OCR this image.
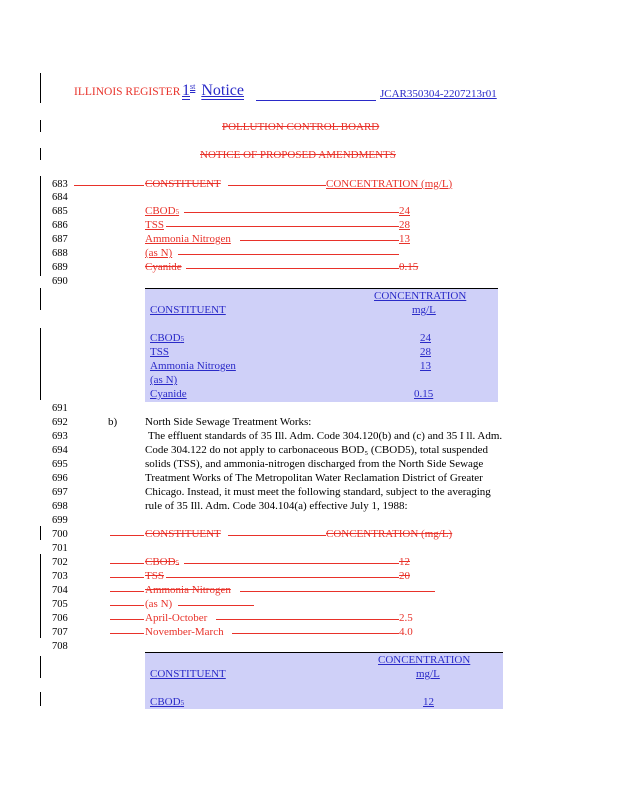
ILLINOIS REGISTER 1st Notice	JCAR350304-2207213r01
POLLUTION CONTROL BOARD
NOTICE OF PROPOSED AMENDMENTS
683
684
685
686
687
688
689
690
691
692
693
694
695
696
697
698
699
700
701
702
703
704
705
706
707
708
CONSTITUENT	CONCENTRATION (mg/L)
CBOD5	24
TSS	28
Ammonia Nitrogen	13
(as N)
Cyanide	0.15
CONCENTRATION
CONSTITUENT	mg/L
CBOD5	24
TSS	28
Ammonia Nitrogen	13
(as N)
Cyanide	0.15
b)	North Side Sewage Treatment Works:
The effluent standards of 35 Ill. Adm. Code 304.120(b) and (c) and 35 I ll. Adm.
Code 304.122 do not apply to carbonaceous BOD₅ (CBOD5), total suspended
solids (TSS), and ammonia-nitrogen discharged from the North Side Sewage
Treatment Works of The Metropolitan Water Reclamation District of Greater
Chicago. Instead, it must meet the following standard, subject to the averaging
rule of 35 Ill. Adm. Code 304.104(a) effective July 1, 1988:
CONSTITUENT	CONCENTRATION (mg/L)
CBOD5	12
TSS	20
Ammonia Nitrogen
(as N)
April-October	2.5
November-March	4.0
CONCENTRATION
CONSTITUENT	mg/L
CBOD5	12
